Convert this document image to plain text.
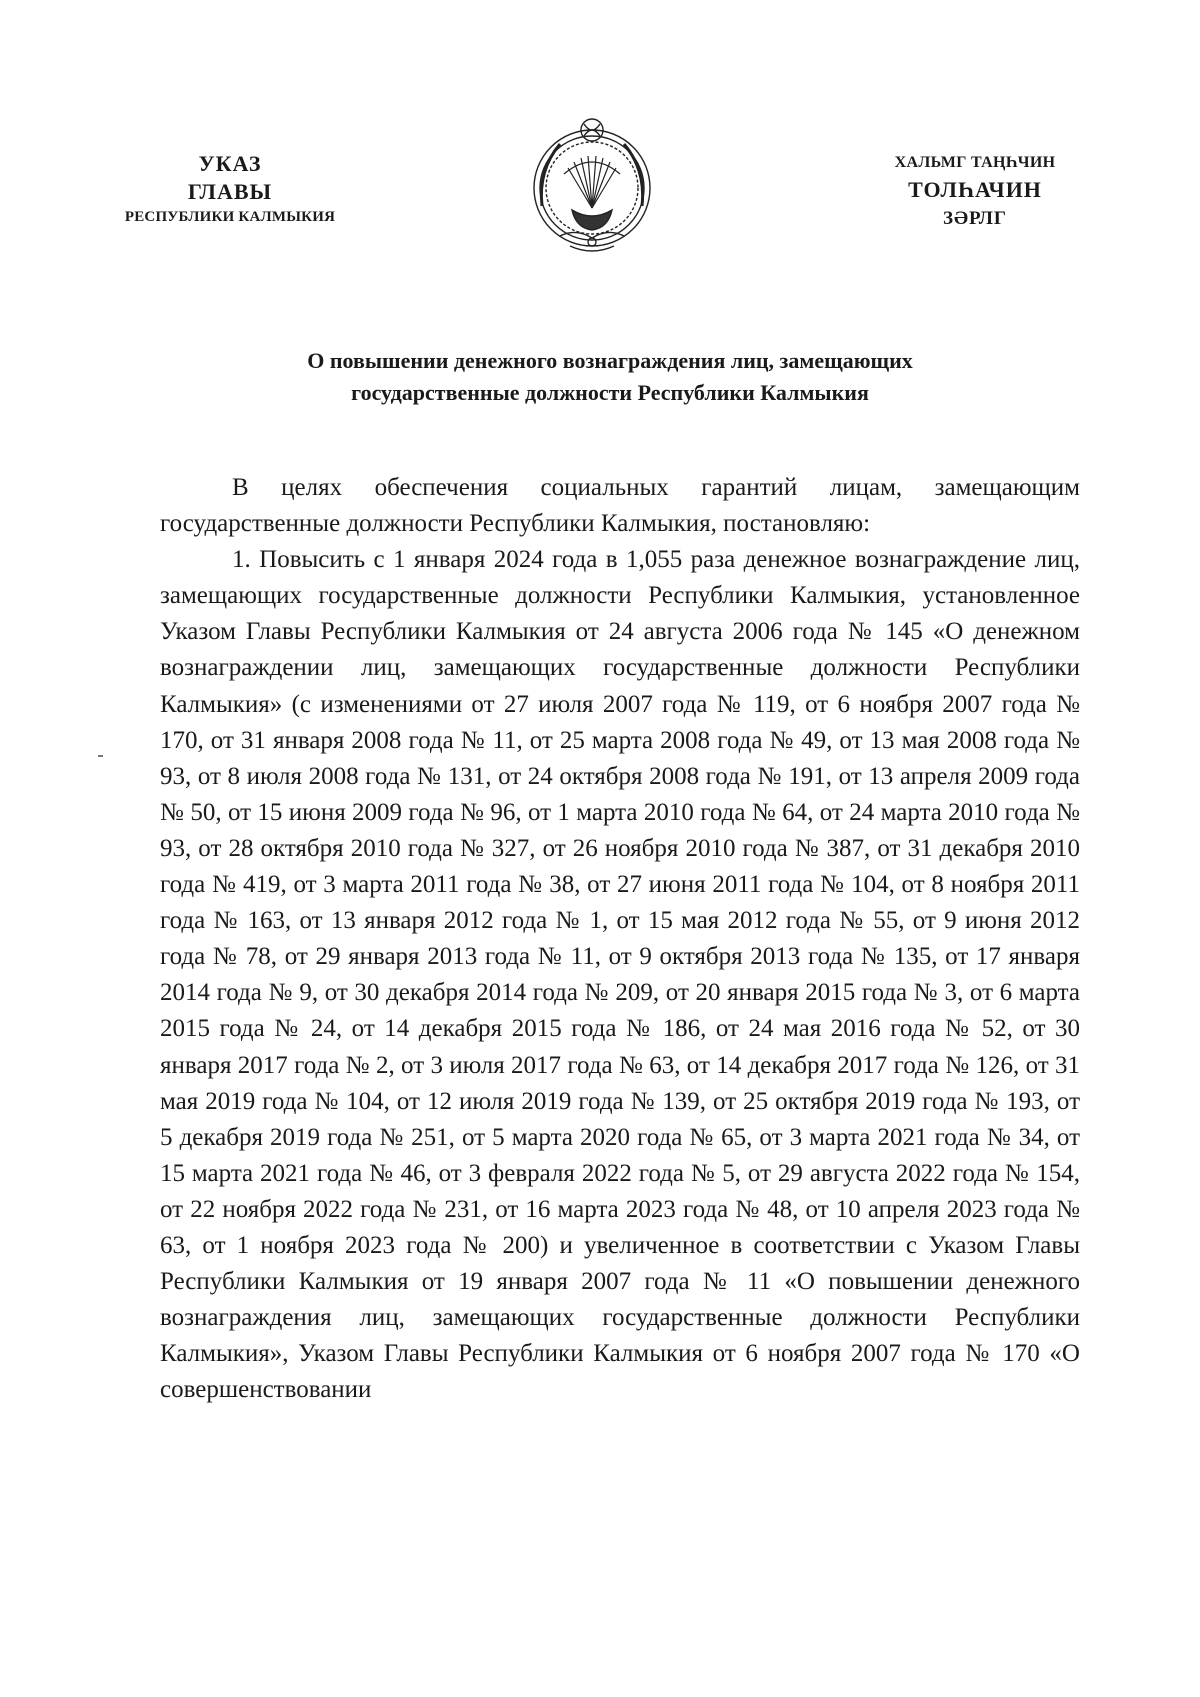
УКАЗ
ГЛАВЫ
РЕСПУБЛИКИ КАЛМЫКИЯ
ХАЛЬМГ ТАҢҺЧИН
ТОЛҺАЧИН
ЗӘРЛГ
О повышении денежного вознаграждения лиц, замещающих
государственные должности Республики Калмыкия

В целях обеспечения социальных гарантий лицам, замещающим государственные должности Республики Калмыкия, постановляю:

1. Повысить с 1 января 2024 года в 1,055 раза денежное вознаграждение лиц, замещающих государственные должности Республики Калмыкия, установленное Указом Главы Республики Калмыкия от 24 августа 2006 года № 145 «О денежном вознаграждении лиц, замещающих государственные должности Республики Калмыкия» (с изменениями от 27 июля 2007 года № 119, от 6 ноября 2007 года № 170, от 31 января 2008 года № 11, от 25 марта 2008 года № 49, от 13 мая 2008 года № 93, от 8 июля 2008 года № 131, от 24 октября 2008 года № 191, от 13 апреля 2009 года № 50, от 15 июня 2009 года № 96, от 1 марта 2010 года № 64, от 24 марта 2010 года № 93, от 28 октября 2010 года № 327, от 26 ноября 2010 года № 387, от 31 декабря 2010 года № 419, от 3 марта 2011 года № 38, от 27 июня 2011 года № 104, от 8 ноября 2011 года № 163, от 13 января 2012 года № 1, от 15 мая 2012 года № 55, от 9 июня 2012 года № 78, от 29 января 2013 года № 11, от 9 октября 2013 года № 135, от 17 января 2014 года № 9, от 30 декабря 2014 года № 209, от 20 января 2015 года № 3, от 6 марта 2015 года № 24, от 14 декабря 2015 года № 186, от 24 мая 2016 года № 52, от 30 января 2017 года № 2, от 3 июля 2017 года № 63, от 14 декабря 2017 года № 126, от 31 мая 2019 года № 104, от 12 июля 2019 года № 139, от 25 октября 2019 года № 193, от 5 декабря 2019 года № 251, от 5 марта 2020 года № 65, от 3 марта 2021 года № 34, от 15 марта 2021 года № 46, от 3 февраля 2022 года № 5, от 29 августа 2022 года № 154, от 22 ноября 2022 года № 231, от 16 марта 2023 года № 48, от 10 апреля 2023 года № 63, от 1 ноября 2023 года № 200) и увеличенное в соответствии с Указом Главы Республики Калмыкия от 19 января 2007 года № 11 «О повышении денежного вознаграждения лиц, замещающих государственные должности Республики Калмыкия», Указом Главы Республики Калмыкия от 6 ноября 2007 года № 170 «О совершенствовании
